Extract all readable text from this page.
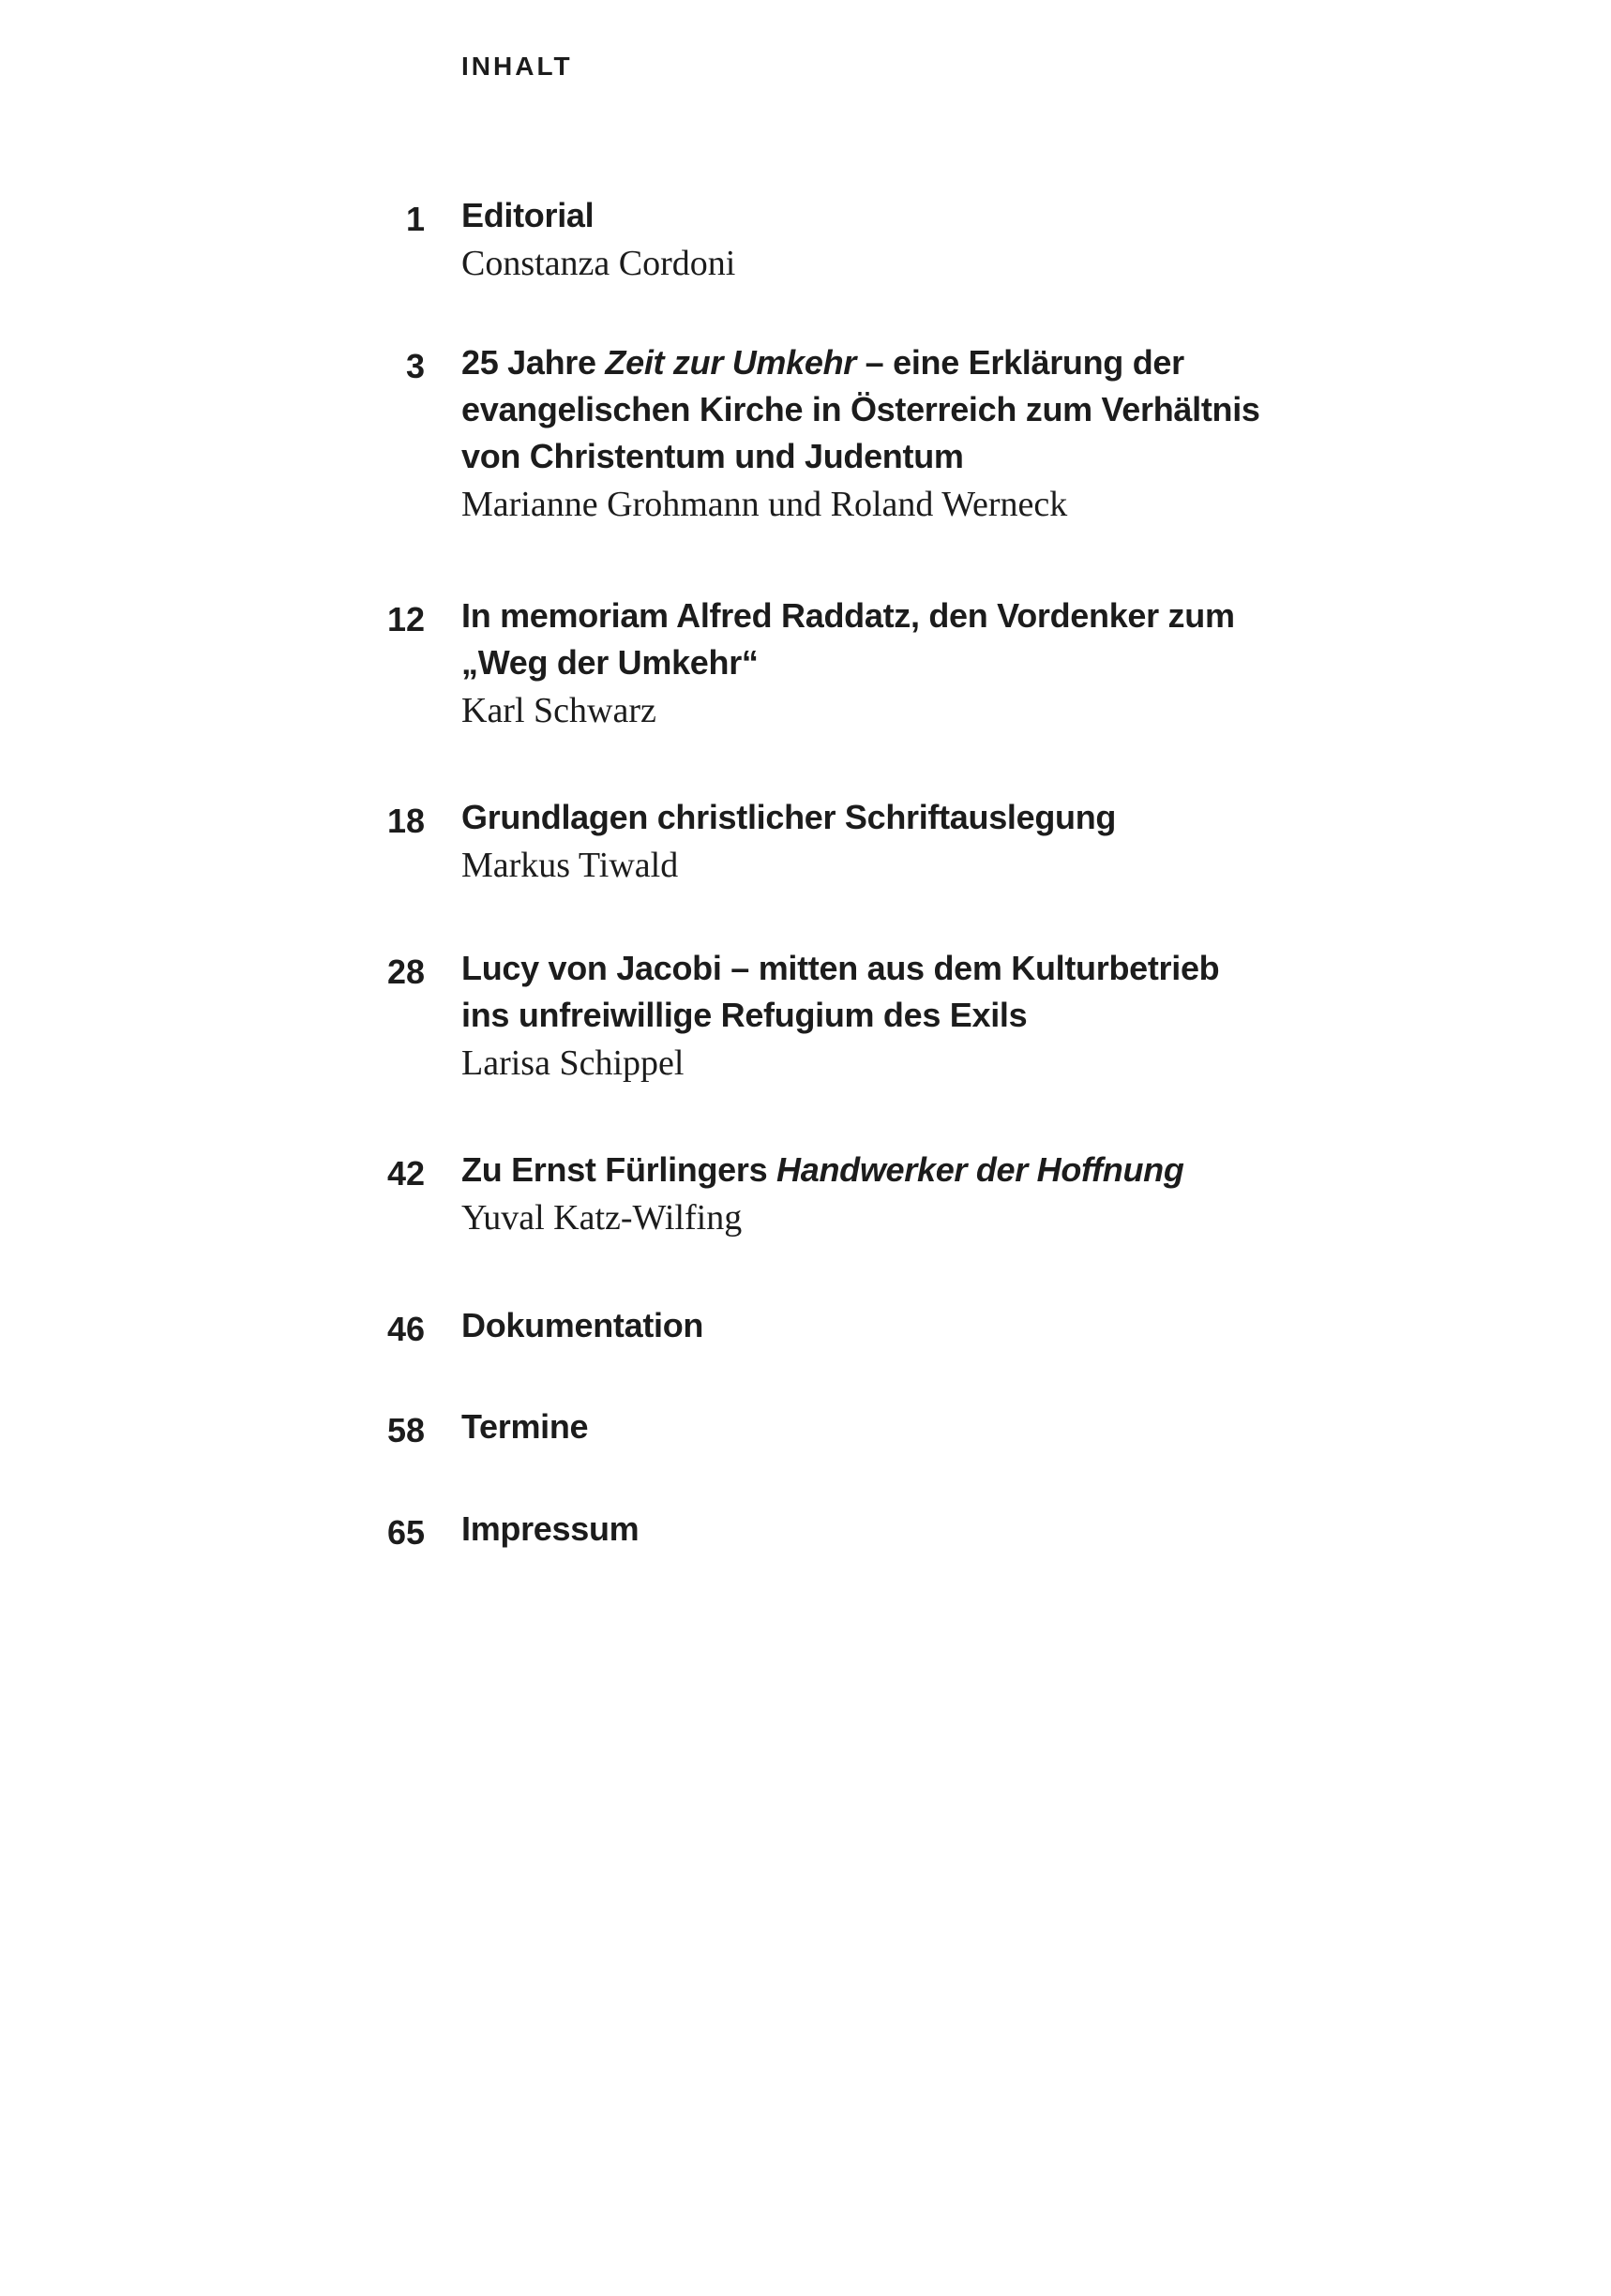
INHALT
1 Editorial
Constanza Cordoni
3 25 Jahre Zeit zur Umkehr – eine Erklärung der
evangelischen Kirche in Österreich zum Verhältnis
von Christentum und Judentum
Marianne Grohmann und Roland Werneck
12 In memoriam Alfred Raddatz, den Vordenker zum
„Weg der Umkehr“
Karl Schwarz
18 Grundlagen christlicher Schriftauslegung
Markus Tiwald
28 Lucy von Jacobi – mitten aus dem Kulturbetrieb
ins unfreiwillige Refugium des Exils
Larisa Schippel
42 Zu Ernst Fürlingers Handwerker der Hoffnung
Yuval Katz-Wilfing
46 Dokumentation
58 Termine
65 Impressum
